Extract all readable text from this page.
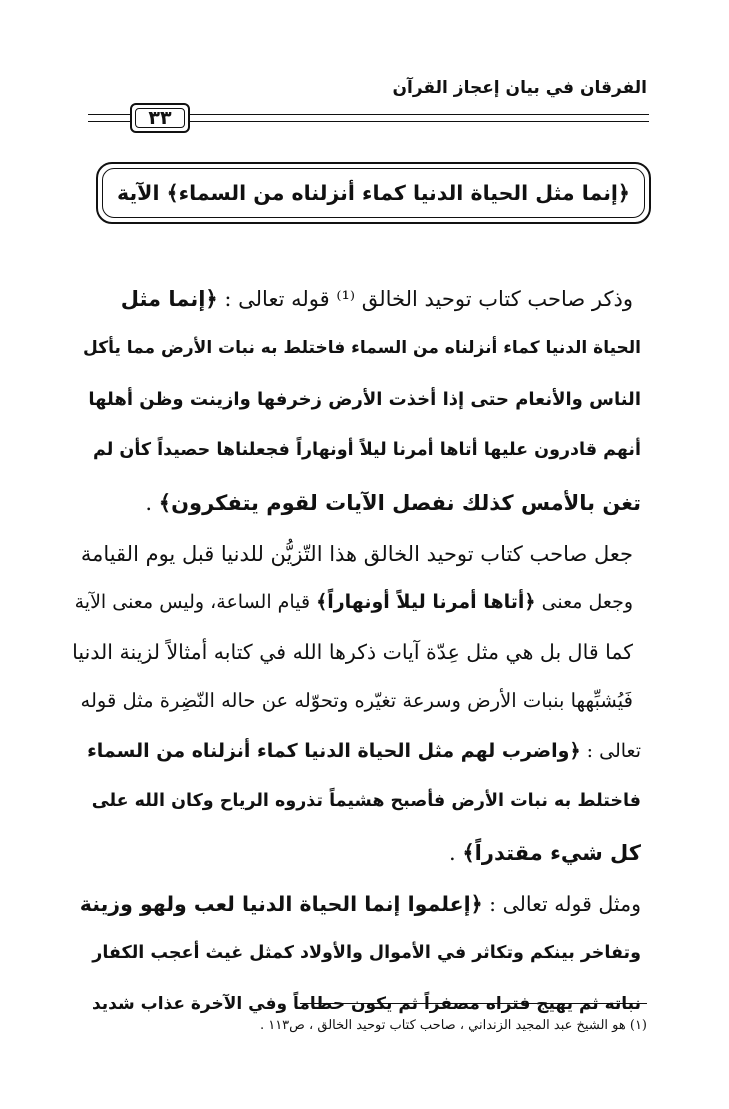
الفرقان في بيان إعجاز القرآن
٣٣
﴿إنما مثل الحياة الدنيا كماء أنزلناه من السماء﴾ الآية
وذكر صاحب كتاب توحيد الخالق ⁽¹⁾ قوله تعالى : ﴿إنما مثل
الحياة الدنيا كماء أنزلناه من السماء فاختلط به نبات الأرض مما يأكل
الناس والأنعام حتى إذا أخذت الأرض زخرفها وازينت وظن أهلها
أنهم قادرون عليها أتاها أمرنا ليلاً أونهاراً فجعلناها حصيداً كأن لم
تغن بالأمس كذلك نفصل الآيات لقوم يتفكرون﴾ .
جعل صاحب كتاب توحيد الخالق هذا التّزيُّن للدنيا قبل يوم القيامة
وجعل معنى ﴿أتاها أمرنا ليلاً أونهاراً﴾ قيام الساعة، وليس معنى الآية
كما قال بل هي مثل عِدّة آيات ذكرها الله في كتابه أمثالاً لزينة الدنيا
فَيُشبِّهها بنبات الأرض وسرعة تغيّره وتحوّله عن حاله النّضِرة مثل قوله
تعالى : ﴿واضرب لهم مثل الحياة الدنيا كماء أنزلناه من السماء
فاختلط به نبات الأرض فأصبح هشيماً تذروه الرياح وكان الله على
كل شيء مقتدراً﴾ .
ومثل قوله تعالى : ﴿إعلموا إنما الحياة الدنيا لعب ولهو وزينة
وتفاخر بينكم وتكاثر في الأموال والأولاد كمثل غيث أعجب الكفار
نباته ثم يهيج فتراه مصفراً ثم يكون حطاماً وفي الآخرة عذاب شديد
(١) هو الشيخ عبد المجيد الزنداني ، صاحب كتاب توحيد الخالق ، ص١١٣ .
